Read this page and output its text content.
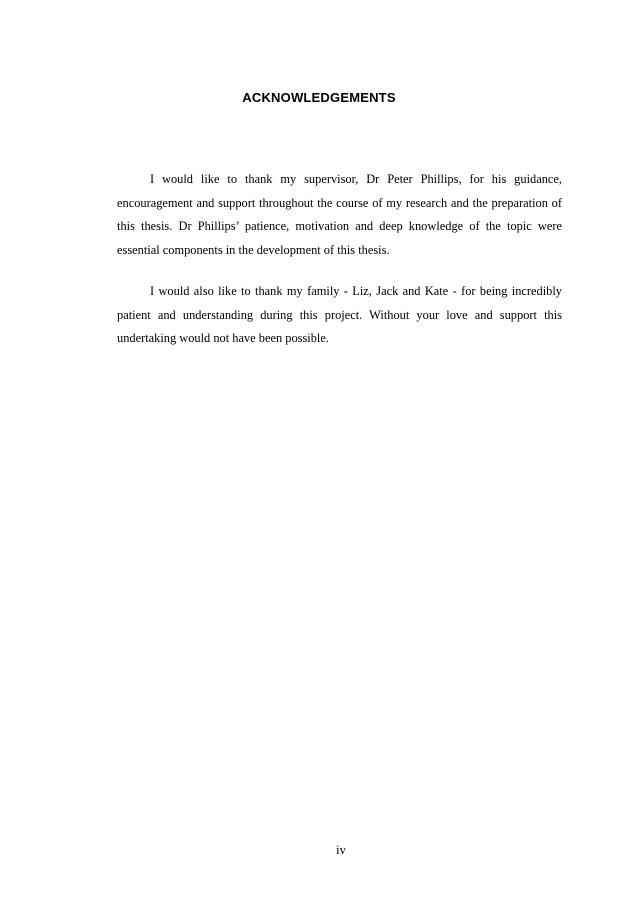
ACKNOWLEDGEMENTS

I would like to thank my supervisor, Dr Peter Phillips, for his guidance, encouragement and support throughout the course of my research and the preparation of this thesis. Dr Phillips’ patience, motivation and deep knowledge of the topic were essential components in the development of this thesis.

I would also like to thank my family - Liz, Jack and Kate - for being incredibly patient and understanding during this project. Without your love and support this undertaking would not have been possible.

iv
